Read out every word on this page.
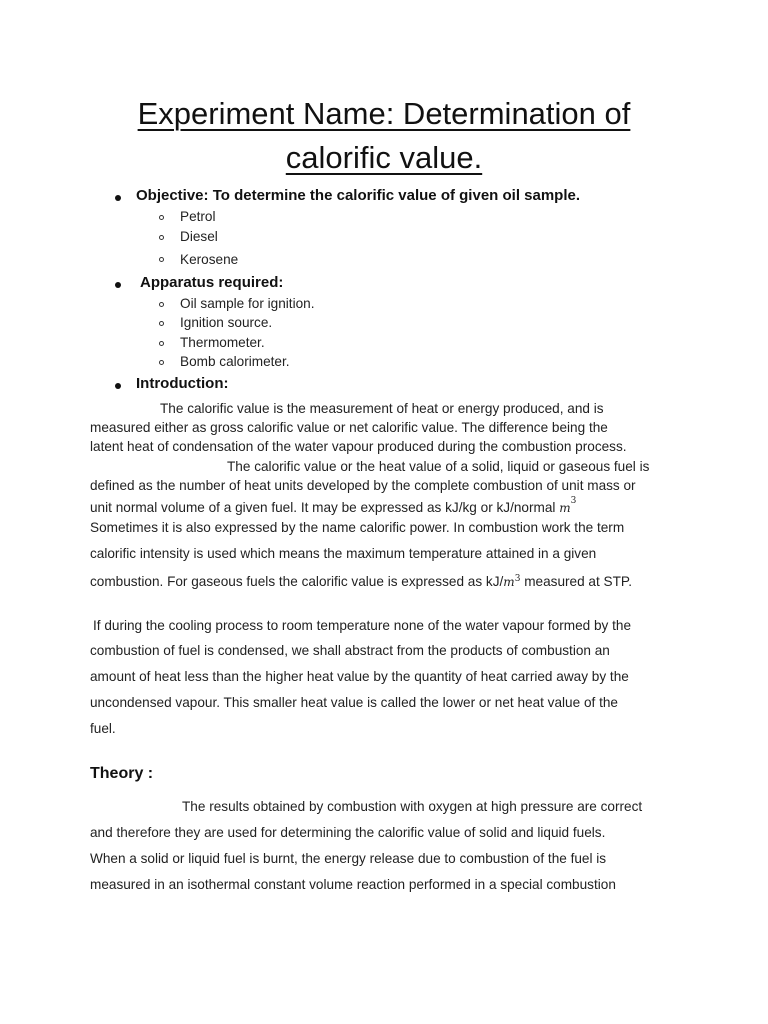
Experiment Name: Determination of
calorific value.
Objective: To determine the calorific value of given oil sample.
Petrol
Diesel
Kerosene
Apparatus required:
Oil sample for ignition.
Ignition source.
Thermometer.
Bomb calorimeter.
Introduction:
The calorific value is the measurement of heat or energy produced, and is
measured either as gross calorific value or net calorific value. The difference being the
latent heat of condensation of the water vapour produced during the combustion process.
The calorific value or the heat value of a solid, liquid or gaseous fuel is
defined as the number of heat units developed by the complete combustion of unit mass or
unit normal volume of a given fuel. It may be expressed as kJ/kg or kJ/normal $m^3$
Sometimes it is also expressed by the name calorific power. In combustion work the term
calorific intensity is used which means the maximum temperature attained in a given
combustion. For gaseous fuels the calorific value is expressed as $kJ/m^3$ measured at STP.
If during the cooling process to room temperature none of the water vapour formed by the
combustion of fuel is condensed, we shall abstract from the products of combustion an
amount of heat less than the higher heat value by the quantity of heat carried away by the
uncondensed vapour. This smaller heat value is called the lower or net heat value of the
fuel.
Theory :
The results obtained by combustion with oxygen at high pressure are correct
and therefore they are used for determining the calorific value of solid and liquid fuels.
When a solid or liquid fuel is burnt, the energy release due to combustion of the fuel is
measured in an isothermal constant volume reaction performed in a special combustion
